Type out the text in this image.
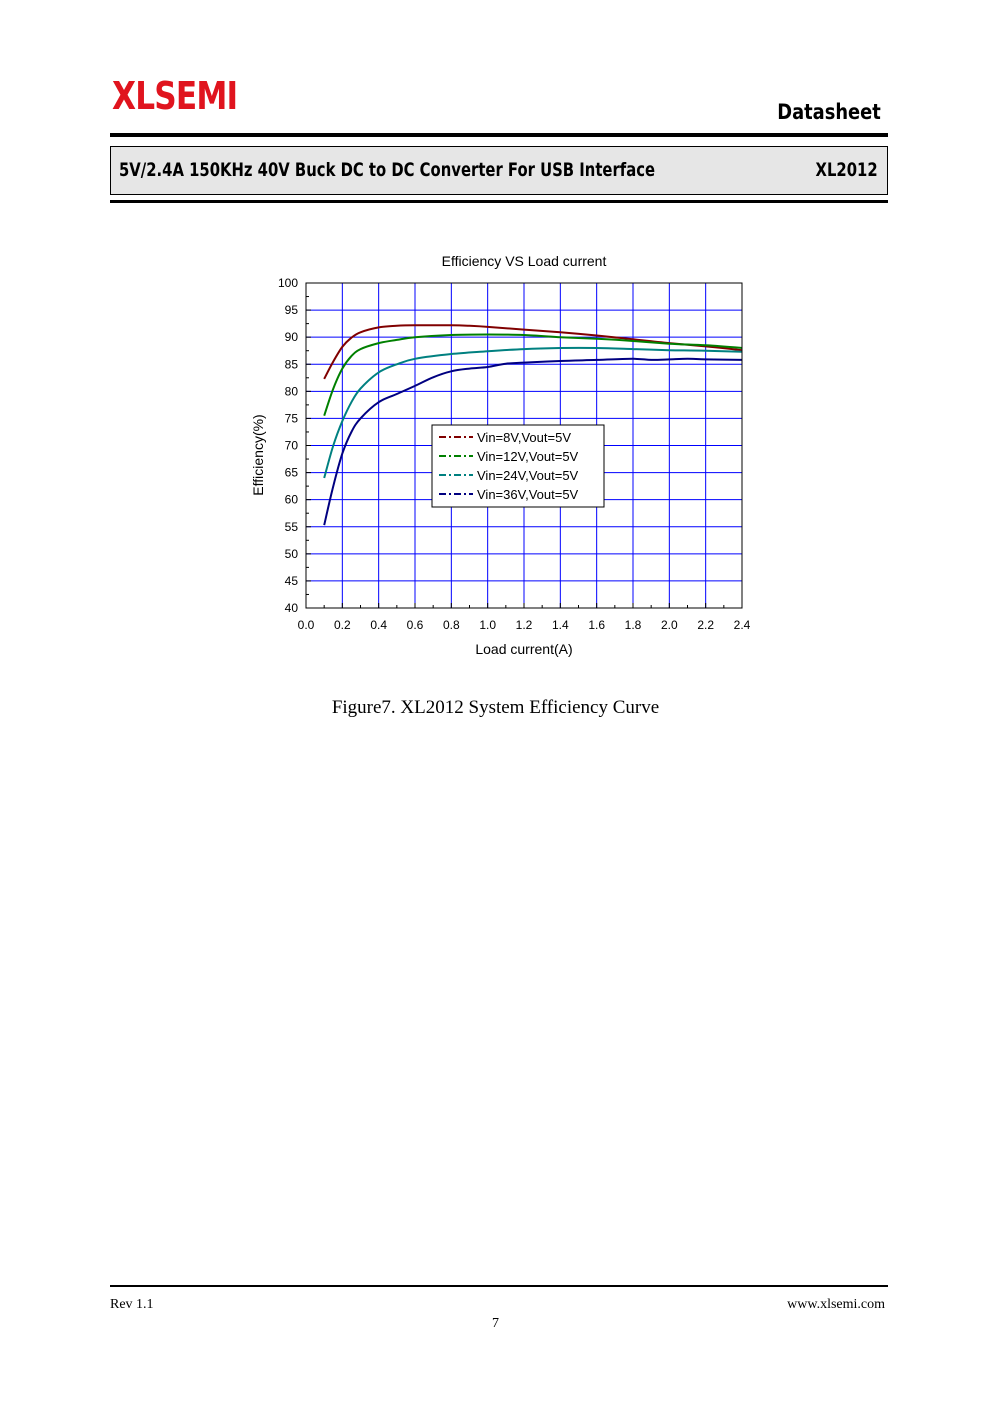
XLSEMI	Datasheet
5V/2.4A 150KHz 40V Buck DC to DC Converter For USB Interface	XL2012
Efficiency VS Load current
0.0 0.2 0.4 0.6 0.8 1.0 1.2 1.4 1.6 1.8 2.0 2.2 2.4
40
45
50
55
60
65
70
75
80
85
90
95
100
Load current(A)
Efficiency(%)	Vin=8V,Vout=5V
Vin=12V,Vout=5V
Vin=24V,Vout=5V
Vin=36V,Vout=5V
Figure7. XL2012 System Efficiency Curve
Rev 1.1	www.xlsemi.com
7
